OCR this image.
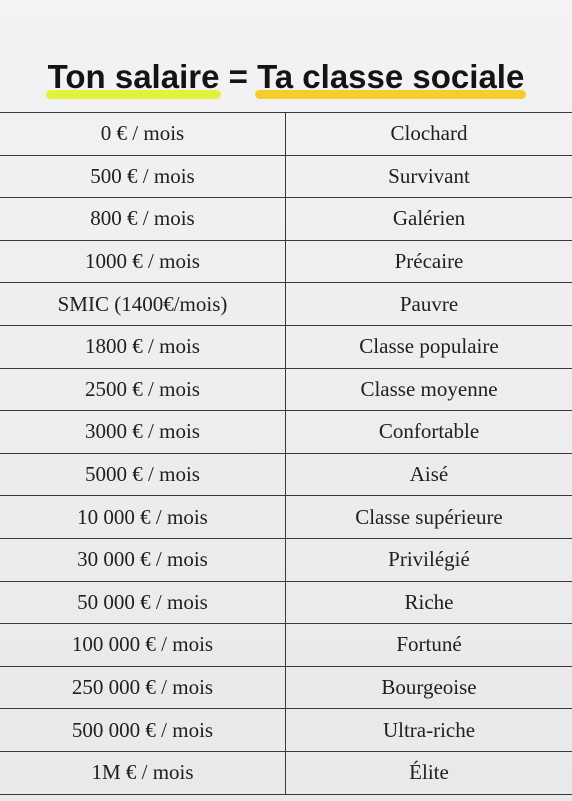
Ton salaire = Ta classe sociale
0 € / mois	Clochard
500 € / mois	Survivant
800 € / mois	Galérien
1000 € / mois	Précaire
SMIC (1400€/mois)	Pauvre
1800 € / mois	Classe populaire
2500 € / mois	Classe moyenne
3000 € / mois	Confortable
5000 € / mois	Aisé
10 000 € / mois	Classe supérieure
30 000 € / mois	Privilégié
50 000 € / mois	Riche
100 000 € / mois	Fortuné
250 000 € / mois	Bourgeoise
500 000 € / mois	Ultra-riche
1M € / mois	Élite
